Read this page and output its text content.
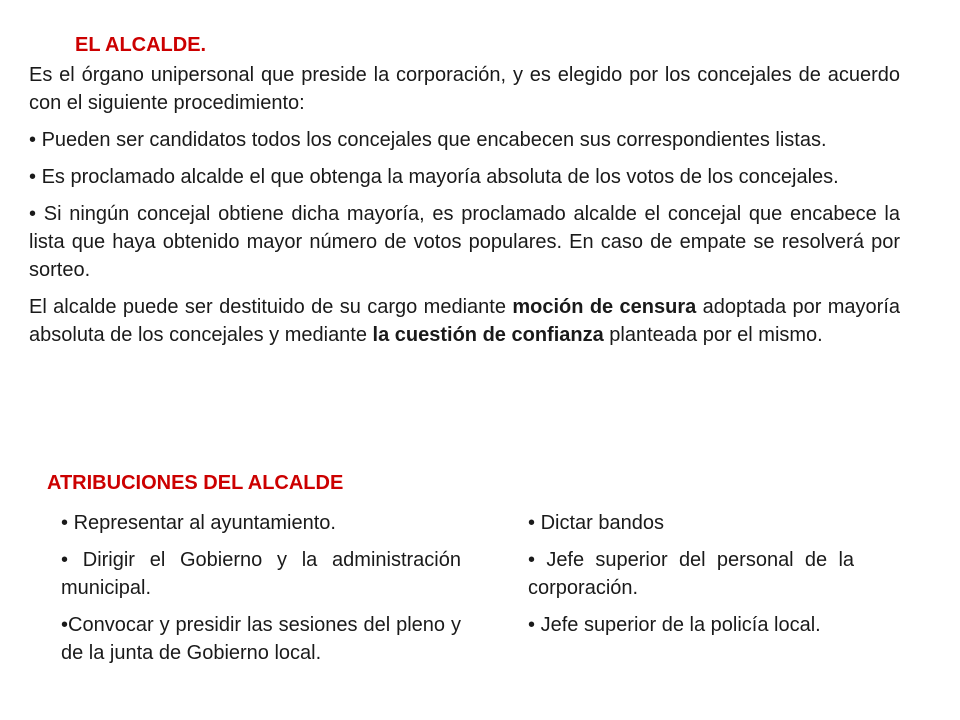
EL ALCALDE.

Es el órgano unipersonal que preside la corporación, y es elegido por los concejales de acuerdo con el siguiente procedimiento:

• Pueden ser candidatos todos los concejales que encabecen sus correspondientes listas.

• Es proclamado alcalde el que obtenga la mayoría absoluta de los votos de los concejales.

• Si ningún concejal obtiene dicha mayoría, es proclamado alcalde el concejal que encabece la lista que haya obtenido mayor número de votos populares. En caso de empate se resolverá por sorteo.

El alcalde puede ser destituido de su cargo mediante moción de censura adoptada por mayoría absoluta de los concejales y mediante la cuestión de confianza planteada por el mismo.

ATRIBUCIONES DEL ALCALDE

• Representar al ayuntamiento.

• Dirigir el Gobierno y la administración municipal.

•Convocar y presidir las sesiones del pleno y de la junta de Gobierno local.

• Dictar bandos

• Jefe superior del personal de la corporación.

• Jefe superior de la policía local.
